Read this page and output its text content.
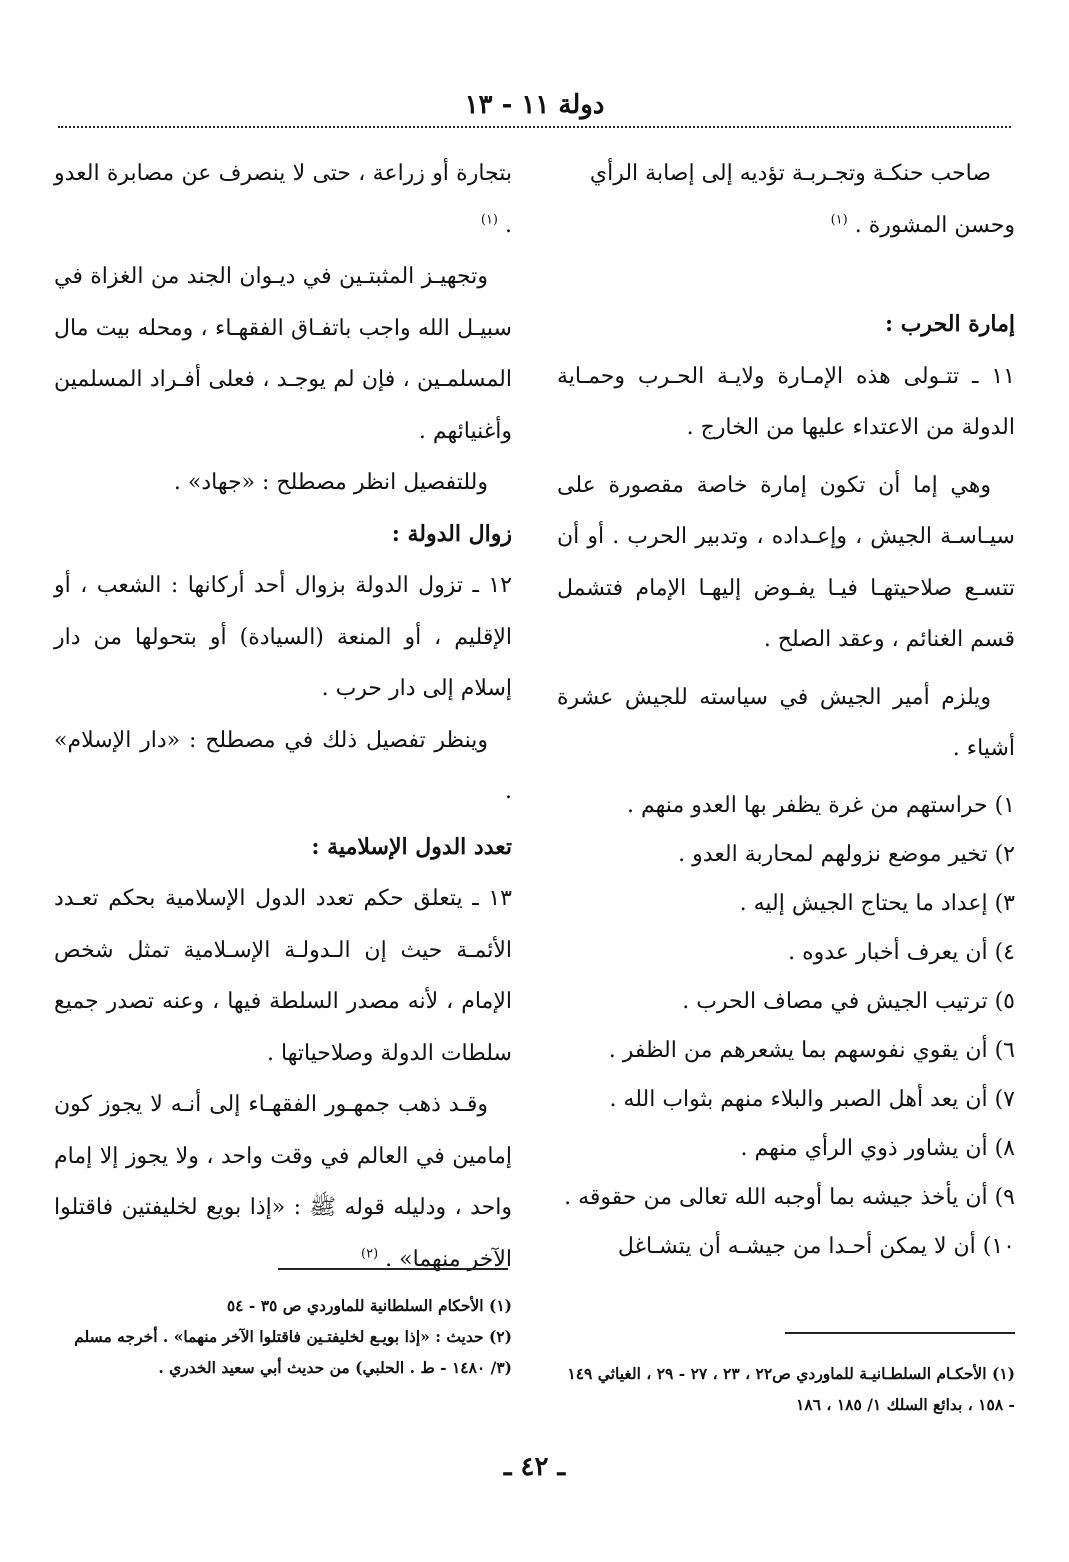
دولة ١١ - ١٣

صاحب حنكـة وتجـربـة تؤديه إلى إصابة الرأي

وحسن المشورة . $^{(١)}$

إمارة الحرب :

١١ ـ تتـولى هذه الإمـارة ولايـة الحـرب وحمـاية الدولة من الاعتداء عليها من الخارج .

وهي إما أن تكون إمارة خاصة مقصورة على سيـاسـة الجيش ، وإعـداده ، وتدبير الحرب . أو أن تتسـع صلاحيتهـا فيـا يفـوض إليهـا الإمام فتشمل قسم الغنائم ، وعقد الصلح .

ويلزم أمير الجيش في سياسته للجيش عشرة أشياء .

١) حراستهم من غرة يظفر بها العدو منهم .

٢) تخير موضع نزولهم لمحاربة العدو .

٣) إعداد ما يحتاج الجيش إليه .

٤) أن يعرف أخبار عدوه .

٥) ترتيب الجيش في مصاف الحرب .

٦) أن يقوي نفوسهم بما يشعرهم من الظفر .

٧) أن يعد أهل الصبر والبلاء منهم بثواب الله .

٨) أن يشاور ذوي الرأي منهم .

٩) أن يأخذ جيشه بما أوجبه الله تعالى من حقوقه .

١٠) أن لا يمكن أحـدا من جيشـه أن يتشـاغل

(١) الأحكـام السلطـانيـة للماوردي ص٢٢ ، ٢٣ ، ٢٧ - ٢٩ ، الغياثي ١٤٩ - ١٥٨ ، بدائع السلك ١/ ١٨٥ ، ١٨٦

بتجارة أو زراعة ، حتى لا ينصرف عن مصابرة العدو . $^{(١)}$

وتجهيـز المثبتـين في ديـوان الجند من الغزاة في سبيـل الله واجب باتفـاق الفقهـاء ، ومحله بيت مال المسلمـين ، فإن لم يوجـد ، فعلى أفـراد المسلمين وأغنيائهم .

وللتفصيل انظر مصطلح : «جهاد» .

زوال الدولة :

١٢ ـ تزول الدولة بزوال أحد أركانها : الشعب ، أو الإقليم ، أو المنعة (السيادة) أو بتحولها من دار إسلام إلى دار حرب .

وينظر تفصيل ذلك في مصطلح : «دار الإسلام» .

تعدد الدول الإسلامية :

١٣ ـ يتعلق حكم تعدد الدول الإسلامية بحكم تعـدد الأئمـة حيث إن الـدولـة الإسـلامية تمثل شخص الإمام ، لأنه مصدر السلطة فيها ، وعنه تصدر جميع سلطات الدولة وصلاحياتها .

وقـد ذهب جمهـور الفقهـاء إلى أنـه لا يجوز كون إمامين في العالم في وقت واحد ، ولا يجوز إلا إمام واحد ، ودليله قوله ﷺ : «إذا بويع لخليفتين فاقتلوا الآخر منهما» . $^{(٢)}$

(١) الأحكام السلطانية للماوردي ص ٣٥ - ٥٤

(٢) حديث : «إذا بويـع لخليفتـين فاقتلوا الآخر منهما» . أخرجه مسلم (٣/ ١٤٨٠ - ط . الحلبي) من حديث أبي سعيد الخدري .

ـ ٤٢ ـ
